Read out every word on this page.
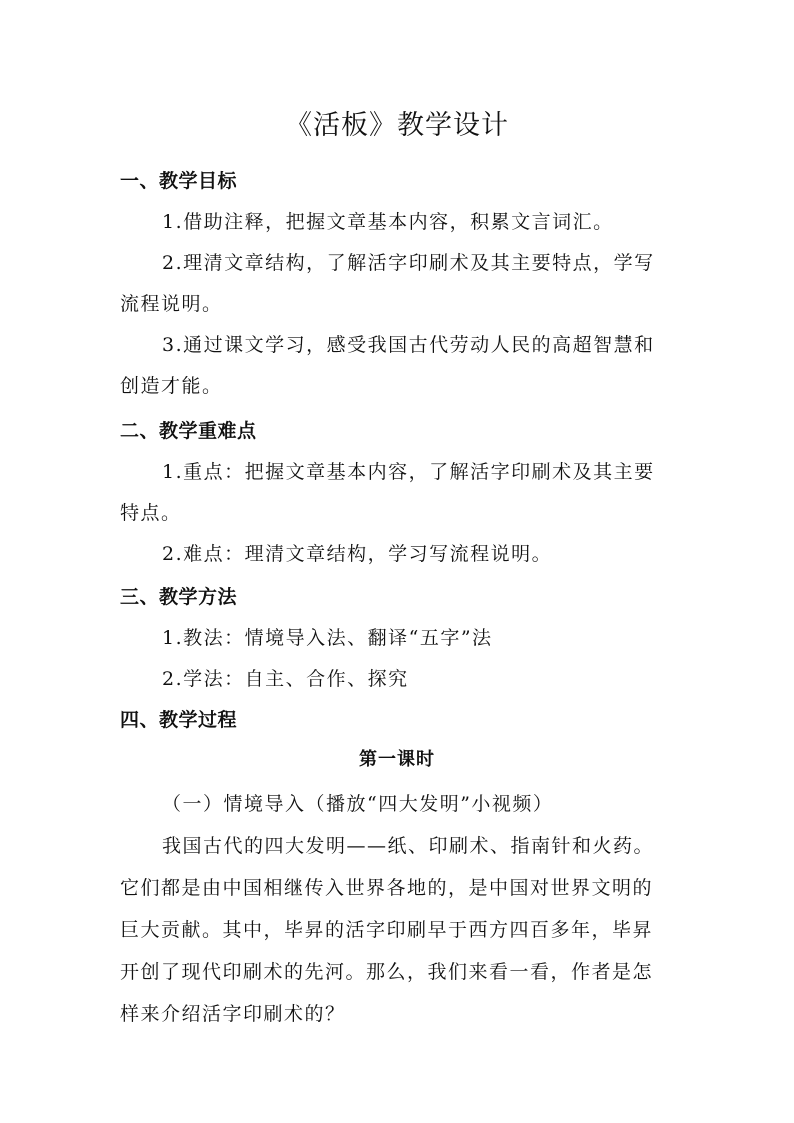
《活板》教学设计
一、教学目标
1.借助注释，把握文章基本内容，积累文言词汇。
2.理清文章结构，了解活字印刷术及其主要特点，学写
流程说明。
3.通过课文学习，感受我国古代劳动人民的高超智慧和
创造才能。
二、教学重难点
1.重点：把握文章基本内容，了解活字印刷术及其主要
特点。
2.难点：理清文章结构，学习写流程说明。
三、教学方法
1.教法：情境导入法、翻译“五字”法
2.学法：自主、合作、探究
四、教学过程
第一课时
（一）情境导入（播放“四大发明”小视频）
我国古代的四大发明——纸、印刷术、指南针和火药。
它们都是由中国相继传入世界各地的，是中国对世界文明的
巨大贡献。其中，毕昇的活字印刷早于西方四百多年，毕昇
开创了现代印刷术的先河。那么，我们来看一看，作者是怎
样来介绍活字印刷术的？
